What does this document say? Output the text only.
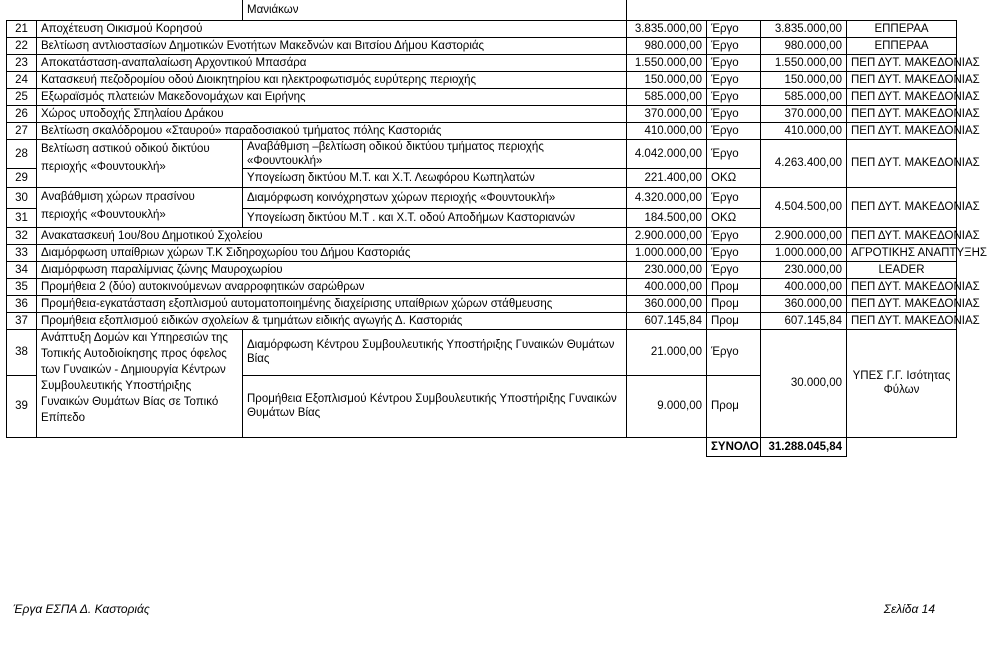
		Μανιάκων				
21	Αποχέτευση Οικισμού Κορησού		3.835.000,00	Έργο	3.835.000,00	ΕΠΠΕΡΑΑ
22	Βελτίωση αντλιοστασίων Δημοτικών Ενοτήτων Μακεδνών και Βιτσίου Δήμου Καστοριάς		980.000,00	Έργο	980.000,00	ΕΠΠΕΡΑΑ
23	Αποκατάσταση-αναπαλαίωση Αρχοντικού Μπασάρα		1.550.000,00	Έργο	1.550.000,00	ΠΕΠ ΔΥΤ. ΜΑΚΕΔΟΝΙΑΣ
24	Κατασκευή πεζοδρομίου οδού Διοικητηρίου και ηλεκτροφωτισμός ευρύτερης περιοχής		150.000,00	Έργο	150.000,00	ΠΕΠ ΔΥΤ. ΜΑΚΕΔΟΝΙΑΣ
25	Εξωραϊσμός πλατειών Μακεδονομάχων και Ειρήνης		585.000,00	Έργο	585.000,00	ΠΕΠ ΔΥΤ. ΜΑΚΕΔΟΝΙΑΣ
26	Χώρος υποδοχής Σπηλαίου Δράκου		370.000,00	Έργο	370.000,00	ΠΕΠ ΔΥΤ. ΜΑΚΕΔΟΝΙΑΣ
27	Βελτίωση σκαλόδρομου «Σταυρού» παραδοσιακού τμήματος πόλης Καστοριάς		410.000,00	Έργο	410.000,00	ΠΕΠ ΔΥΤ. ΜΑΚΕΔΟΝΙΑΣ
28	Βελτίωση αστικού οδικού δικτύου περιοχής «Φουντουκλή»	Αναβάθμιση –βελτίωση οδικού δικτύου τμήματος περιοχής «Φουντουκλή»	4.042.000,00	Έργο	4.263.400,00	ΠΕΠ ΔΥΤ. ΜΑΚΕΔΟΝΙΑΣ
29		Υπογείωση δικτύου Μ.Τ. και Χ.Τ. Λεωφόρου Κωπηλατών	221.400,00	ΟΚΩ		
30	Αναβάθμιση χώρων πρασίνου περιοχής «Φουντουκλή»	Διαμόρφωση κοινόχρηστων χώρων περιοχής «Φουντουκλή»	4.320.000,00	Έργο	4.504.500,00	ΠΕΠ ΔΥΤ. ΜΑΚΕΔΟΝΙΑΣ
31		Υπογείωση δικτύου Μ.Τ . και Χ.Τ. οδού Αποδήμων Καστοριανών	184.500,00	ΟΚΩ		
32	Ανακατασκευή 1ου/8ου Δημοτικού Σχολείου		2.900.000,00	Έργο	2.900.000,00	ΠΕΠ ΔΥΤ. ΜΑΚΕΔΟΝΙΑΣ
33	Διαμόρφωση υπαίθριων χώρων Τ.Κ Σιδηροχωρίου του Δήμου Καστοριάς		1.000.000,00	Έργο	1.000.000,00	ΑΓΡΟΤΙΚΗΣ ΑΝΑΠΤΥΞΗΣ
34	Διαμόρφωση παραλίμνιας ζώνης Μαυροχωρίου		230.000,00	Έργο	230.000,00	LEADER
35	Προμήθεια 2 (δύο) αυτοκινούμενων αναρροφητικών σαρώθρων		400.000,00	Προμ	400.000,00	ΠΕΠ ΔΥΤ. ΜΑΚΕΔΟΝΙΑΣ
36	Προμήθεια-εγκατάσταση εξοπλισμού αυτοματοποιημένης διαχείρισης υπαίθριων χώρων στάθμευσης		360.000,00	Προμ	360.000,00	ΠΕΠ ΔΥΤ. ΜΑΚΕΔΟΝΙΑΣ
37	Προμήθεια εξοπλισμού ειδικών σχολείων & τμημάτων ειδικής αγωγής Δ. Καστοριάς		607.145,84	Προμ	607.145,84	ΠΕΠ ΔΥΤ. ΜΑΚΕΔΟΝΙΑΣ
38	Ανάπτυξη Δομών και Υπηρεσιών της Τοπικής Αυτοδιοίκησης προς όφελος των Γυναικών - Δημιουργία Κέντρων Συμβουλευτικής Υποστήριξης Γυναικών Θυμάτων Βίας σε Τοπικό Επίπεδο	Διαμόρφωση Κέντρου Συμβουλευτικής Υποστήριξης Γυναικών Θυμάτων Βίας	21.000,00	Έργο	30.000,00	ΥΠΕΣ Γ.Γ. Ισότητας Φύλων
39		Προμήθεια Εξοπλισμού Κέντρου Συμβουλευτικής Υποστήριξης Γυναικών Θυμάτων Βίας	9.000,00	Προμ		
				ΣΥΝΟΛΟ	31.288.045,84	
Έργα ΕΣΠΑ Δ. Καστοριάς	Σελίδα 14
